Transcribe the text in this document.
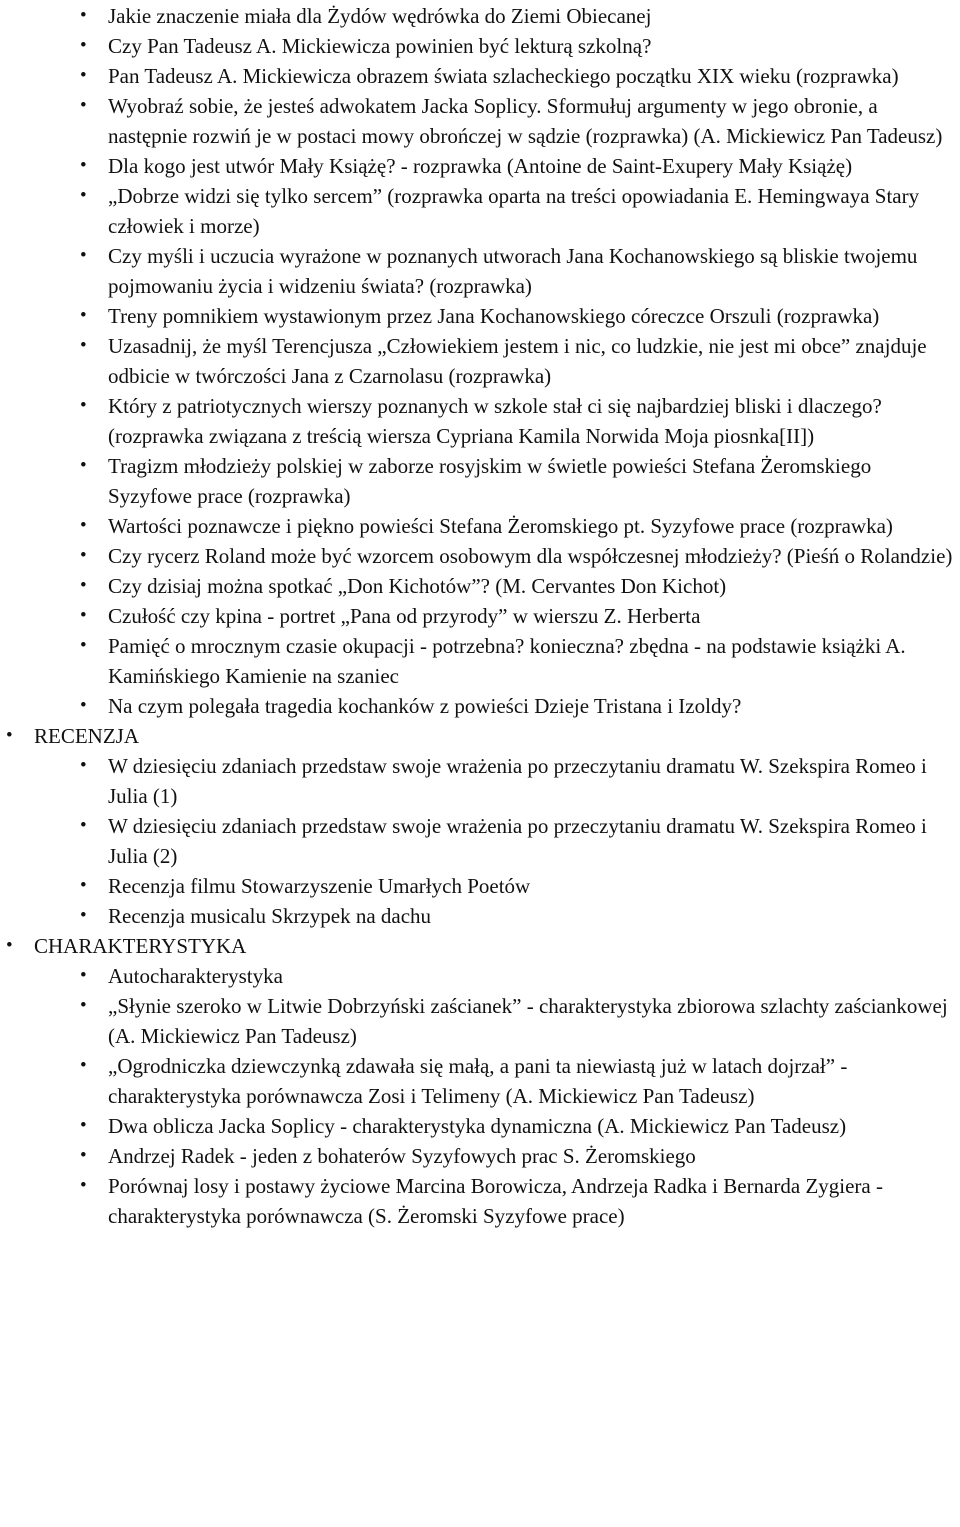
• Jakie znaczenie miała dla Żydów wędrówka do Ziemi Obiecanej
• Czy Pan Tadeusz A. Mickiewicza powinien być lekturą szkolną?
• Pan Tadeusz A. Mickiewicza obrazem świata szlacheckiego początku XIX wieku (rozprawka)
• Wyobraź sobie, że jesteś adwokatem Jacka Soplicy. Sformułuj argumenty w jego obronie, a następnie rozwiń je w postaci mowy obrończej w sądzie (rozprawka) (A. Mickiewicz Pan Tadeusz)
• Dla kogo jest utwór Mały Książę? - rozprawka (Antoine de Saint-Exupery Mały Książę)
• „Dobrze widzi się tylko sercem” (rozprawka oparta na treści opowiadania E. Hemingwaya Stary człowiek i morze)
• Czy myśli i uczucia wyrażone w poznanych utworach Jana Kochanowskiego są bliskie twojemu pojmowaniu życia i widzeniu świata? (rozprawka)
• Treny pomnikiem wystawionym przez Jana Kochanowskiego córeczce Orszuli (rozprawka)
• Uzasadnij, że myśl Terencjusza „Człowiekiem jestem i nic, co ludzkie, nie jest mi obce” znajduje odbicie w twórczości Jana z Czarnolasu (rozprawka)
• Który z patriotycznych wierszy poznanych w szkole stał ci się najbardziej bliski i dlaczego? (rozprawka związana z treścią wiersza Cypriana Kamila Norwida Moja piosnka[II])
• Tragizm młodzieży polskiej w zaborze rosyjskim w świetle powieści Stefana Żeromskiego Syzyfowe prace (rozprawka)
• Wartości poznawcze i piękno powieści Stefana Żeromskiego pt. Syzyfowe prace (rozprawka)
• Czy rycerz Roland może być wzorcem osobowym dla współczesnej młodzieży? (Pieśń o Rolandzie)
• Czy dzisiaj można spotkać „Don Kichotów”? (M. Cervantes Don Kichot)
• Czułość czy kpina - portret „Pana od przyrody” w wierszu Z. Herberta
• Pamięć o mrocznym czasie okupacji - potrzebna? konieczna? zbędna - na podstawie książki A. Kamińskiego Kamienie na szaniec
• Na czym polegała tragedia kochanków z powieści Dzieje Tristana i Izoldy?
• RECENZJA
• W dziesięciu zdaniach przedstaw swoje wrażenia po przeczytaniu dramatu W. Szekspira Romeo i Julia (1)
• W dziesięciu zdaniach przedstaw swoje wrażenia po przeczytaniu dramatu W. Szekspira Romeo i Julia (2)
• Recenzja filmu Stowarzyszenie Umarłych Poetów
• Recenzja musicalu Skrzypek na dachu
• CHARAKTERYSTYKA
• Autocharakterystyka
• „Słynie szeroko w Litwie Dobrzyński zaścianek” - charakterystyka zbiorowa szlachty zaściankowej (A. Mickiewicz Pan Tadeusz)
• „Ogrodniczka dziewczynką zdawała się małą, a pani ta niewiastą już w latach dojrzał” - charakterystyka porównawcza Zosi i Telimeny (A. Mickiewicz Pan Tadeusz)
• Dwa oblicza Jacka Soplicy - charakterystyka dynamiczna (A. Mickiewicz Pan Tadeusz)
• Andrzej Radek - jeden z bohaterów Syzyfowych prac S. Żeromskiego
• Porównaj losy i postawy życiowe Marcina Borowicza, Andrzeja Radka i Bernarda Zygiera - charakterystyka porównawcza (S. Żeromski Syzyfowe prace)
